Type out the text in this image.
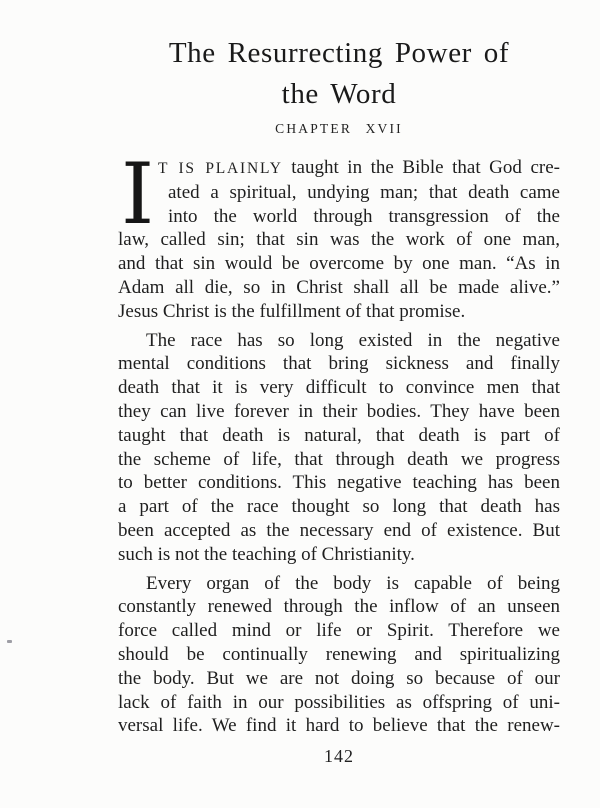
The Resurrecting Power of
the Word
CHAPTER XVII
I T IS PLAINLY taught in the Bible that God cre-
ated a spiritual, undying man; that death came
into the world through transgression of the
law, called sin; that sin was the work of one man,
and that sin would be overcome by one man. “As in
Adam all die, so in Christ shall all be made alive.”
Jesus Christ is the fulfillment of that promise.
The race has so long existed in the negative
mental conditions that bring sickness and finally
death that it is very difficult to convince men that
they can live forever in their bodies. They have been
taught that death is natural, that death is part of
the scheme of life, that through death we progress
to better conditions. This negative teaching has been
a part of the race thought so long that death has
been accepted as the necessary end of existence. But
such is not the teaching of Christianity.
Every organ of the body is capable of being
constantly renewed through the inflow of an unseen
force called mind or life or Spirit. Therefore we
should be continually renewing and spiritualizing
the body. But we are not doing so because of our
lack of faith in our possibilities as offspring of uni-
versal life. We find it hard to believe that the renew-
142
